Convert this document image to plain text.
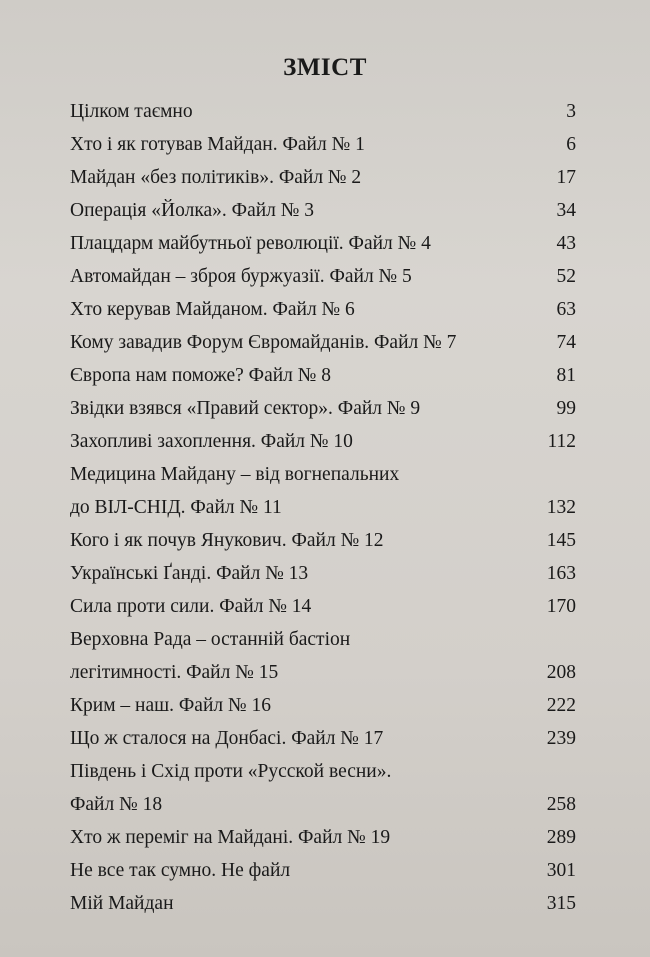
ЗМІСТ
Цілком таємно .....	3
Хто і як готував Майдан. Файл № 1 .....	6
Майдан «без політиків». Файл № 2 .....	17
Операція «Йолка». Файл № 3 .....	34
Плацдарм майбутньої революції. Файл № 4 .....	43
Автомайдан – зброя буржуазії. Файл № 5 .....	52
Хто керував Майданом. Файл № 6 .....	63
Кому завадив Форум Євромайданів. Файл № 7 .....	74
Європа нам поможе? Файл № 8 .....	81
Звідки взявся «Правий сектор». Файл № 9 .....	99
Захопливі захоплення. Файл № 10 .....	112
Медицина Майдану – від вогнепальних
до ВІЛ-СНІД. Файл № 11 .....	132
Кого і як почув Янукович. Файл № 12 .....	145
Українські Ґанді. Файл № 13 .....	163
Сила проти сили. Файл № 14 .....	170
Верховна Рада – останній бастіон
легітимності. Файл № 15 .....	208
Крим – наш. Файл № 16 .....	222
Що ж сталося на Донбасі. Файл № 17 .....	239
Південь і Схід проти «Русской весни».
Файл № 18 .....	258
Хто ж переміг на Майдані. Файл № 19 .....	289
Не все так сумно. Не файл .....	301
Мій Майдан .....	315
